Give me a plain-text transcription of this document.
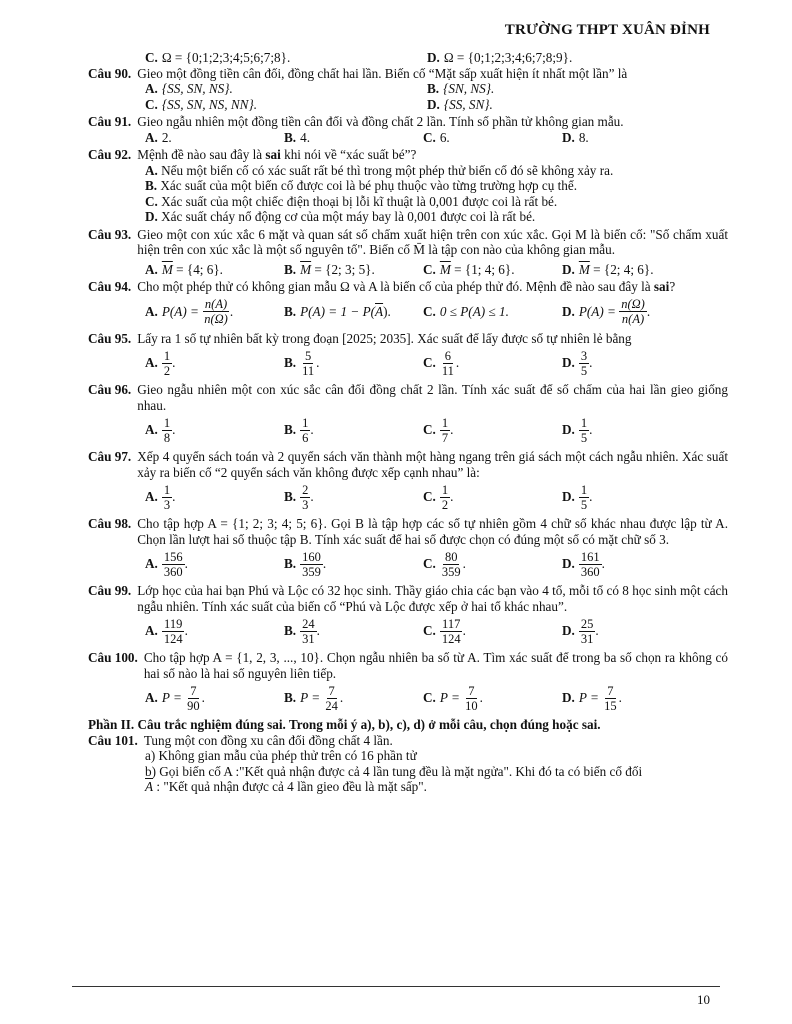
TRƯỜNG THPT XUÂN ĐỈNH
C. Ω = {0;1;2;3;4;5;6;7;8}.	D. Ω = {0;1;2;3;4;6;7;8;9}.
Câu 90. Gieo một đồng tiền cân đối, đồng chất hai lần. Biến cố “Mặt sấp xuất hiện ít nhất một lần” là
A. {SS, SN, NS}.	B. {SN, NS}.
C. {SS, SN, NS, NN}.	D. {SS, SN}.
Câu 91. Gieo ngẫu nhiên một đồng tiền cân đối và đồng chất 2 lần. Tính số phần tử không gian mẫu.
A. 2.	B. 4.	C. 6.	D. 8.
Câu 92. Mệnh đề nào sau đây là sai khi nói về “xác suất bé”?
A. Nếu một biến cố có xác suất rất bé thì trong một phép thử biến cố đó sẽ không xảy ra.
B. Xác suất của một biến cố được coi là bé phụ thuộc vào từng trường hợp cụ thể.
C. Xác suất của một chiếc điện thoại bị lỗi kĩ thuật là 0,001 được coi là rất bé.
D. Xác suất cháy nổ động cơ của một máy bay là 0,001 được coi là rất bé.
Câu 93. Gieo một con xúc xắc 6 mặt và quan sát số chấm xuất hiện trên con xúc xắc. Gọi M là biến cố: "Số chấm xuất hiện trên con xúc xắc là một số nguyên tố". Biến cố M̄ là tập con nào của không gian mẫu.
A. $\overline{M} = \{4$; 6}.	B. $\overline{M} = \{2$; 3; 5}.	C. $\overline{M} = \{1$; 4; 6}.	D. $\overline{M} = \{2$; 4; 6}.
Câu 94. Cho một phép thử có không gian mẫu Ω và A là biến cố của phép thử đó. Mệnh đề nào sau đây là sai?
A. P(A) =
$\frac{n(A)}{n(\Omega)}$ .	B. P(A) = 1 − P( $\overline{A}$ ). C. 0 ≤ P(A) ≤ 1.	D. P(A) =
$\frac{n(\Omega)}{n(A)}$ .
Câu 95. Lấy ra 1 số tự nhiên bất kỳ trong đoạn [2025; 2035]. Xác suất để lấy được số tự nhiên lẻ bằng
A. $\frac{1}{2}$ .	B. $\frac{5}{11}$ .	C. $\frac{6}{11}$ .	D. $\frac{3}{5}$ .
Câu 96. Gieo ngẫu nhiên một con xúc sắc cân đối đồng chất 2 lần. Tính xác suất để số chấm của hai lần gieo giống nhau.
A. $\frac{1}{8}$ .	B. $\frac{1}{6}$ .	C. $\frac{1}{7}$ .	D. $\frac{1}{5}$ .
Câu 97. Xếp 4 quyển sách toán và 2 quyển sách văn thành một hàng ngang trên giá sách một cách ngẫu nhiên. Xác suất xảy ra biến cố “2 quyển sách văn không được xếp cạnh nhau” là:
A. $\frac{1}{3}$ .	B. $\frac{2}{3}$ .	C. $\frac{1}{2}$ .	D. $\frac{1}{5}$ .
Câu 98. Cho tập hợp A = {1; 2; 3; 4; 5; 6}. Gọi B là tập hợp các số tự nhiên gồm 4 chữ số khác nhau được lập từ A. Chọn lần lượt hai số thuộc tập B. Tính xác suất để hai số được chọn có đúng một số có mặt chữ số 3.
A. $\frac{156}{360}$ .	B. $\frac{160}{359}$ .	C. $\frac{80}{359}$ .	D. $\frac{161}{360}$ .
Câu 99. Lớp học của hai bạn Phú và Lộc có 32 học sinh. Thầy giáo chia các bạn vào 4 tổ, mỗi tổ có 8 học sinh một cách ngẫu nhiên. Tính xác suất của biến cố “Phú và Lộc được xếp ở hai tổ khác nhau”.
A. $\frac{119}{124}$ .	B. $\frac{24}{31}$ .	C. $\frac{117}{124}$ .	D. $\frac{25}{31}$ .
Câu 100. Cho tập hợp A = {1, 2, 3, ..., 10}. Chọn ngẫu nhiên ba số từ A. Tìm xác suất để trong ba số chọn ra không có hai số nào là hai số nguyên liên tiếp.
A. P =
$\frac{7}{90}$ .	B. P =
$\frac{7}{24}$ .	C. P =
$\frac{7}{10}$ .	D. P =
$\frac{7}{15}$ .
Phần II. Câu trắc nghiệm đúng sai. Trong mỗi ý a), b), c), d) ở mỗi câu, chọn đúng hoặc sai.
Câu 101. Tung một con đồng xu cân đối đồng chất 4 lần.
a) Không gian mẫu của phép thử trên có 16 phần tử
b) Gọi biến cố A :"Kết quả nhận được cả 4 lần tung đều là mặt ngửa". Khi đó ta có biến cố đối
$\overline{A}$ : "Kết quả nhận được cả 4 lần gieo đều là mặt sấp".
10
